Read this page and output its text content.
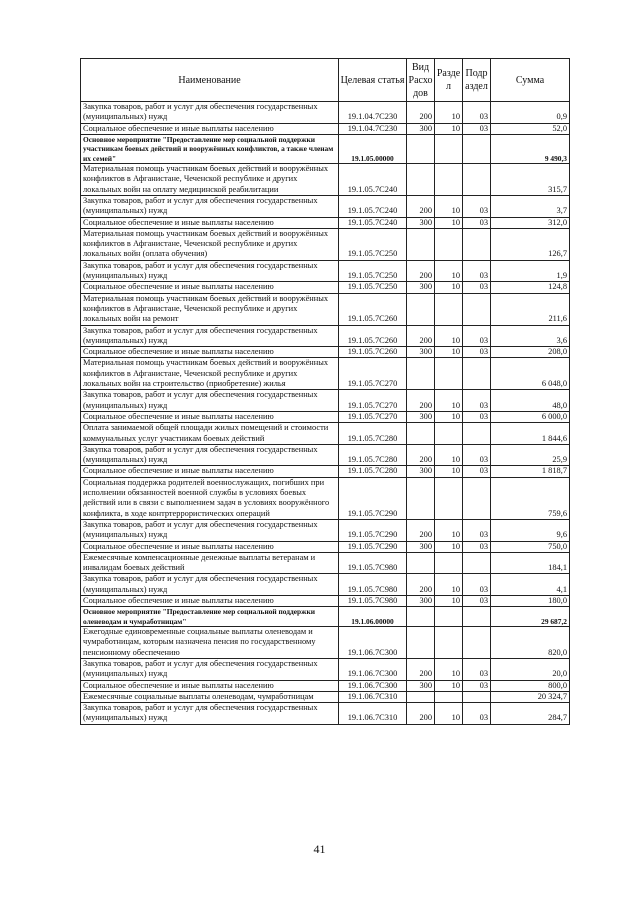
Наименование	Целевая статья	Вид Расхо дов	Разде л	Подр аздел	Сумма
Закупка товаров, работ и услуг для обеспечения государственных (муниципальных) нужд	19.1.04.7С230	200	10	03	0,9
Социальное обеспечение и иные выплаты населению	19.1.04.7С230	300	10	03	52,0
Основное мероприятие "Предоставление мер социальной поддержки участникам боевых действий и вооружённых конфликтов, а также членам их семей"	19.1.05.00000				9 490,3
Материальная помощь участникам боевых действий и вооружённых конфликтов в Афганистане, Чеченской республике и других локальных войн на оплату медицинской реабилитации	19.1.05.7С240				315,7
Закупка товаров, работ и услуг для обеспечения государственных (муниципальных) нужд	19.1.05.7С240	200	10	03	3,7
Социальное обеспечение и иные выплаты населению	19.1.05.7С240	300	10	03	312,0
Материальная помощь участникам боевых действий и вооружённых конфликтов в Афганистане, Чеченской республике и других локальных войн (оплата обучения)	19.1.05.7С250				126,7
Закупка товаров, работ и услуг для обеспечения государственных (муниципальных) нужд	19.1.05.7С250	200	10	03	1,9
Социальное обеспечение и иные выплаты населению	19.1.05.7С250	300	10	03	124,8
Материальная помощь участникам боевых действий и вооружённых конфликтов в Афганистане, Чеченской республике и других локальных войн на ремонт	19.1.05.7С260				211,6
Закупка товаров, работ и услуг для обеспечения государственных (муниципальных) нужд	19.1.05.7С260	200	10	03	3,6
Социальное обеспечение и иные выплаты населению	19.1.05.7С260	300	10	03	208,0
Материальная помощь участникам боевых действий и вооружённых конфликтов в Афганистане, Чеченской республике и других локальных войн на строительство (приобретение) жилья	19.1.05.7С270				6 048,0
Закупка товаров, работ и услуг для обеспечения государственных (муниципальных) нужд	19.1.05.7С270	200	10	03	48,0
Социальное обеспечение и иные выплаты населению	19.1.05.7С270	300	10	03	6 000,0
Оплата занимаемой общей площади жилых помещений и стоимости коммунальных услуг участникам боевых действий	19.1.05.7С280				1 844,6
Закупка товаров, работ и услуг для обеспечения государственных (муниципальных) нужд	19.1.05.7С280	200	10	03	25,9
Социальное обеспечение и иные выплаты населению	19.1.05.7С280	300	10	03	1 818,7
Социальная поддержка родителей военнослужащих, погибших при исполнении обязанностей военной службы в условиях боевых действий или в связи с выполнением задач в условиях вооружённого конфликта, в ходе контртеррористических операций	19.1.05.7С290				759,6
Закупка товаров, работ и услуг для обеспечения государственных (муниципальных) нужд	19.1.05.7С290	200	10	03	9,6
Социальное обеспечение и иные выплаты населению	19.1.05.7С290	300	10	03	750,0
Ежемесячные компенсационные денежные выплаты ветеранам и инвалидам боевых действий	19.1.05.7С980				184,1
Закупка товаров, работ и услуг для обеспечения государственных (муниципальных) нужд	19.1.05.7С980	200	10	03	4,1
Социальное обеспечение и иные выплаты населению	19.1.05.7С980	300	10	03	180,0
Основное мероприятие "Предоставление мер социальной поддержки оленеводам и чумработницам"	19.1.06.00000				29 687,2
Ежегодные единовременные социальные выплаты оленеводам и чумработницам, которым назначена пенсия по государственному пенсионному обеспечению	19.1.06.7С300				820,0
Закупка товаров, работ и услуг для обеспечения государственных (муниципальных) нужд	19.1.06.7С300	200	10	03	20,0
Социальное обеспечение и иные выплаты населению	19.1.06.7С300	300	10	03	800,0
Ежемесячные социальные выплаты оленеводам, чумработницам	19.1.06.7С310				20 324,7
Закупка товаров, работ и услуг для обеспечения государственных (муниципальных) нужд	19.1.06.7С310	200	10	03	284,7
41
